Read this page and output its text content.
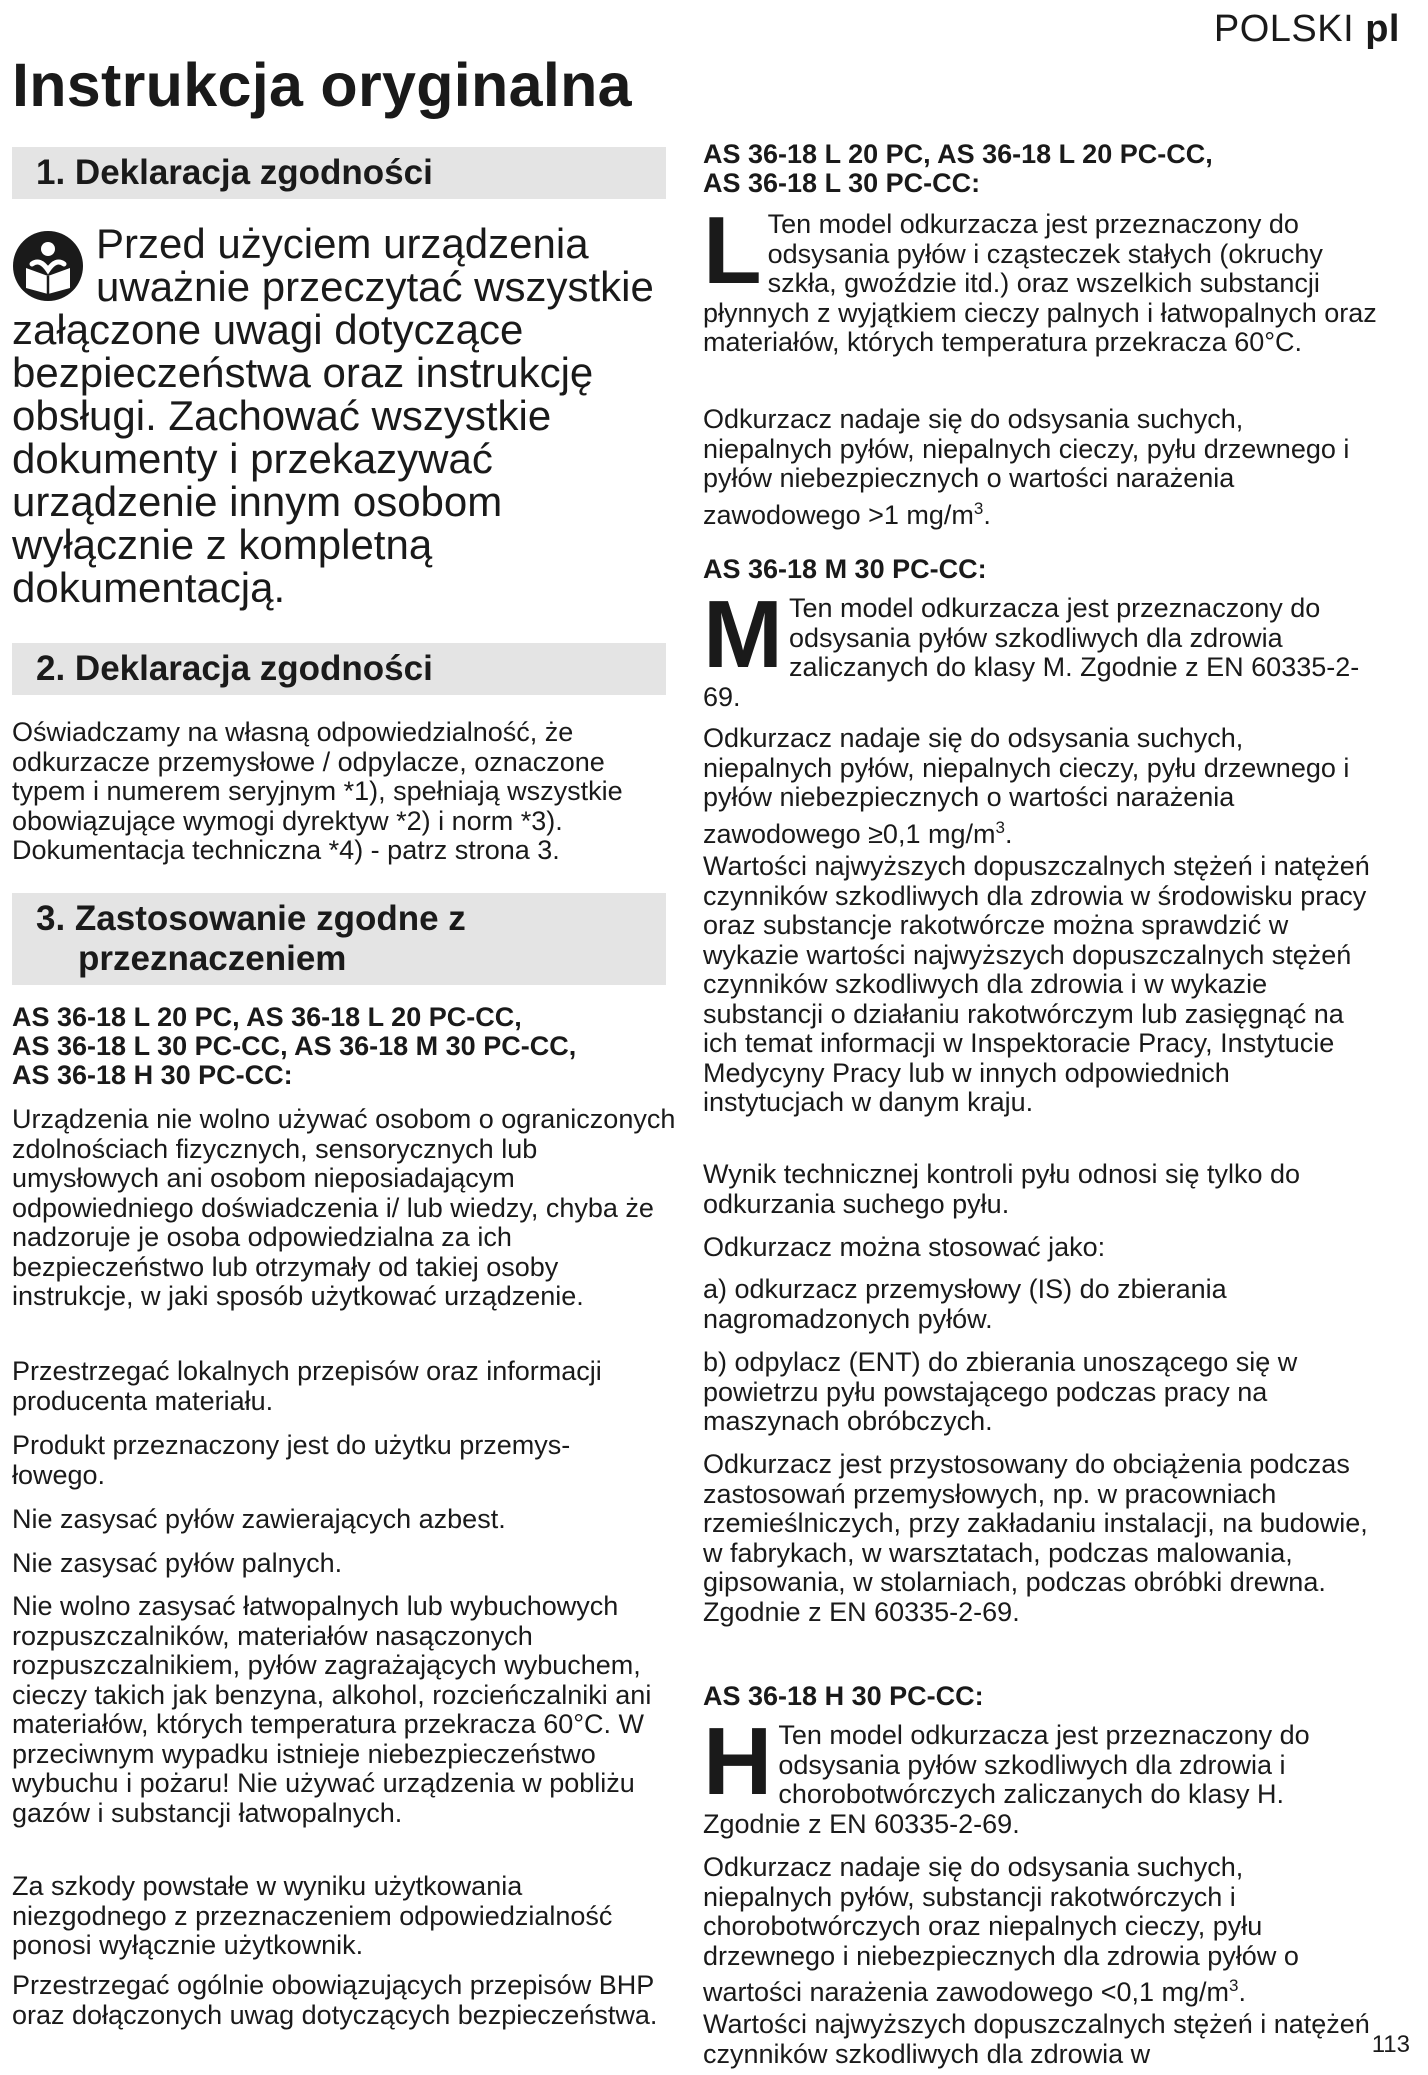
POLSKI pl
Instrukcja oryginalna
1. Deklaracja zgodności
Przed użyciem urządzenia uważnie przeczytać wszystkie załączone uwagi dotyczące bezpieczeństwa oraz instrukcję obsługi. Zachować wszystkie dokumenty i przekazywać urządzenie innym osobom wyłącznie z kompletną dokumentacją.
2. Deklaracja zgodności

Oświadczamy na własną odpowiedzialność, że odkurzacze przemysłowe / odpylacze, oznaczone typem i numerem seryjnym *1), spełniają wszystkie obowiązujące wymogi dyrektyw *2) i norm *3). Dokumentacja techniczna *4) - patrz strona 3.

3. Zastosowanie zgodne z
przeznaczeniem
AS 36-18 L 20 PC, AS 36-18 L 20 PC-CC,
AS 36-18 L 30 PC-CC, AS 36-18 M 30 PC-CC,
AS 36-18 H 30 PC-CC:

Urządzenia nie wolno używać osobom o ograniczonych zdolnościach fizycznych, sensorycznych lub umysłowych ani osobom nieposiadającym odpowiedniego doświadczenia i/ lub wiedzy, chyba że nadzoruje je osoba odpowiedzialna za ich bezpieczeństwo lub otrzymały od takiej osoby instrukcje, w jaki sposób użytkować urządzenie.

Przestrzegać lokalnych przepisów oraz informacji producenta materiału.

Produkt przeznaczony jest do użytku przemys- łowego.

Nie zasysać pyłów zawierających azbest.

Nie zasysać pyłów palnych.

Nie wolno zasysać łatwopalnych lub wybuchowych rozpuszczalników, materiałów nasączonych rozpuszczalnikiem, pyłów zagrażających wybuchem, cieczy takich jak benzyna, alkohol, rozcieńczalniki ani materiałów, których temperatura przekracza 60°C. W przeciwnym wypadku istnieje niebezpieczeństwo wybuchu i pożaru! Nie używać urządzenia w pobliżu gazów i substancji łatwopalnych.

Za szkody powstałe w wyniku użytkowania niezgodnego z przeznaczeniem odpowiedzialność ponosi wyłącznie użytkownik.

Przestrzegać ogólnie obowiązujących przepisów BHP oraz dołączonych uwag dotyczących bezpieczeństwa.

AS 36-18 L 20 PC, AS 36-18 L 20 PC-CC,
AS 36-18 L 30 PC-CC:

L Ten model odkurzacza jest przeznaczony do odsysania pyłów i cząsteczek stałych (okruchy szkła, gwoździe itd.) oraz wszelkich substancji płynnych z wyjątkiem cieczy palnych i łatwopalnych oraz materiałów, których temperatura przekracza 60°C.

Odkurzacz nadaje się do odsysania suchych, niepalnych pyłów, niepalnych cieczy, pyłu drzewnego i pyłów niebezpiecznych o wartości narażenia zawodowego >1 $mg/m^3$.

AS 36-18 M 30 PC-CC:

M Ten model odkurzacza jest przeznaczony do odsysania pyłów szkodliwych dla zdrowia zaliczanych do klasy M. Zgodnie z EN 60335-2-69.

Odkurzacz nadaje się do odsysania suchych, niepalnych pyłów, niepalnych cieczy, pyłu drzewnego i pyłów niebezpiecznych o wartości narażenia zawodowego ≥0,1 $mg/m^3$.

Wartości najwyższych dopuszczalnych stężeń i natężeń czynników szkodliwych dla zdrowia w środowisku pracy oraz substancje rakotwórcze można sprawdzić w wykazie wartości najwyższych dopuszczalnych stężeń czynników szkodliwych dla zdrowia i w wykazie substancji o działaniu rakotwórczym lub zasięgnąć na ich temat informacji w Inspektoracie Pracy, Instytucie Medycyny Pracy lub w innych odpowiednich instytucjach w danym kraju.

Wynik technicznej kontroli pyłu odnosi się tylko do odkurzania suchego pyłu.

Odkurzacz można stosować jako:

a) odkurzacz przemysłowy (IS) do zbierania nagromadzonych pyłów.

b) odpylacz (ENT) do zbierania unoszącego się w powietrzu pyłu powstającego podczas pracy na maszynach obróbczych.

Odkurzacz jest przystosowany do obciążenia podczas zastosowań przemysłowych, np. w pracowniach rzemieślniczych, przy zakładaniu instalacji, na budowie, w fabrykach, w warsztatach, podczas malowania, gipsowania, w stolarniach, podczas obróbki drewna. Zgodnie z EN 60335-2-69.

AS 36-18 H 30 PC-CC:

H Ten model odkurzacza jest przeznaczony do odsysania pyłów szkodliwych dla zdrowia i chorobotwórczych zaliczanych do klasy H. Zgodnie z EN 60335-2-69.

Odkurzacz nadaje się do odsysania suchych, niepalnych pyłów, substancji rakotwórczych i chorobotwórczych oraz niepalnych cieczy, pyłu drzewnego i niebezpiecznych dla zdrowia pyłów o wartości narażenia zawodowego <0,1 $mg/m^3$.

Wartości najwyższych dopuszczalnych stężeń i natężeń czynników szkodliwych dla zdrowia w	113
